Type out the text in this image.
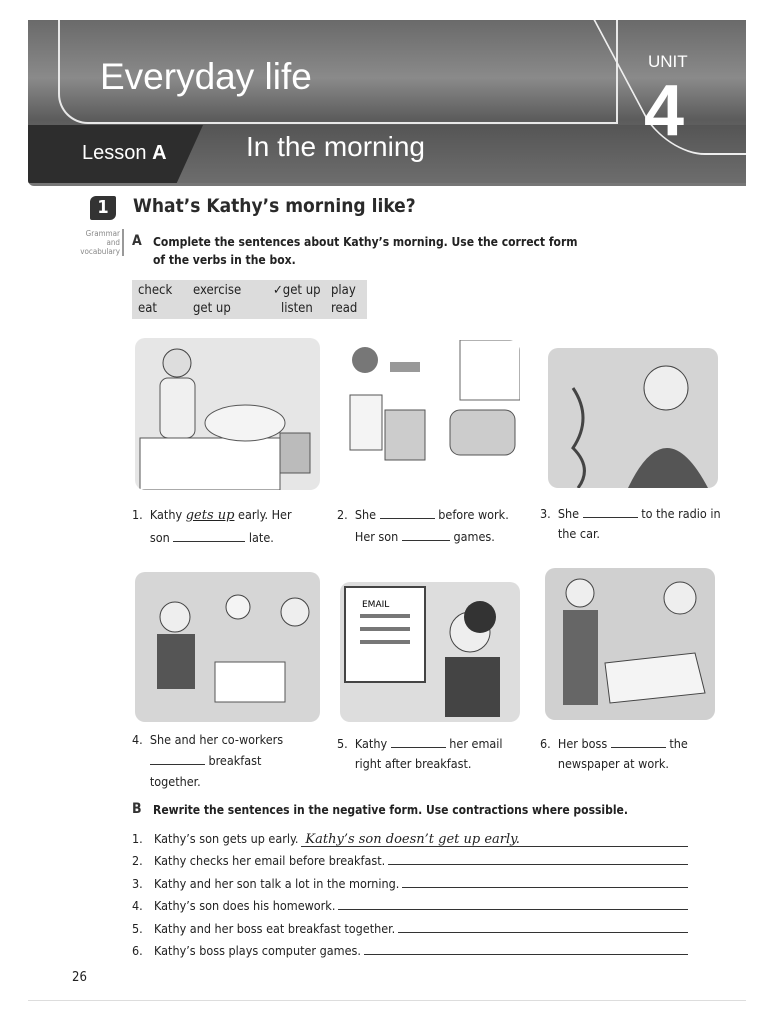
Everyday life
Lesson A	In the morning
UNIT
4
1	What’s Kathy’s morning like?
Grammar
and
vocabulary
A Complete the sentences about Kathy’s morning. Use the correct form
of the verbs in the box.
check	exercise	✓get up play
eat	get up	listen	read
EMAIL
1. Kathy gets up early. Her
son	late.
2. She	before work.
Her son	games.
3. She	to the radio in
the car.
4. She and her co-workers
breakfast
together.
5. Kathy	her email
right after breakfast.
6. Her boss	the
newspaper at work.
B Rewrite the sentences in the negative form. Use contractions where possible.
1. Kathy’s son gets up early. Kathy’s son doesn’t get up early.
2. Kathy checks her email before breakfast.
3. Kathy and her son talk a lot in the morning.
4. Kathy’s son does his homework.
5. Kathy and her boss eat breakfast together.
6. Kathy’s boss plays computer games.
26
